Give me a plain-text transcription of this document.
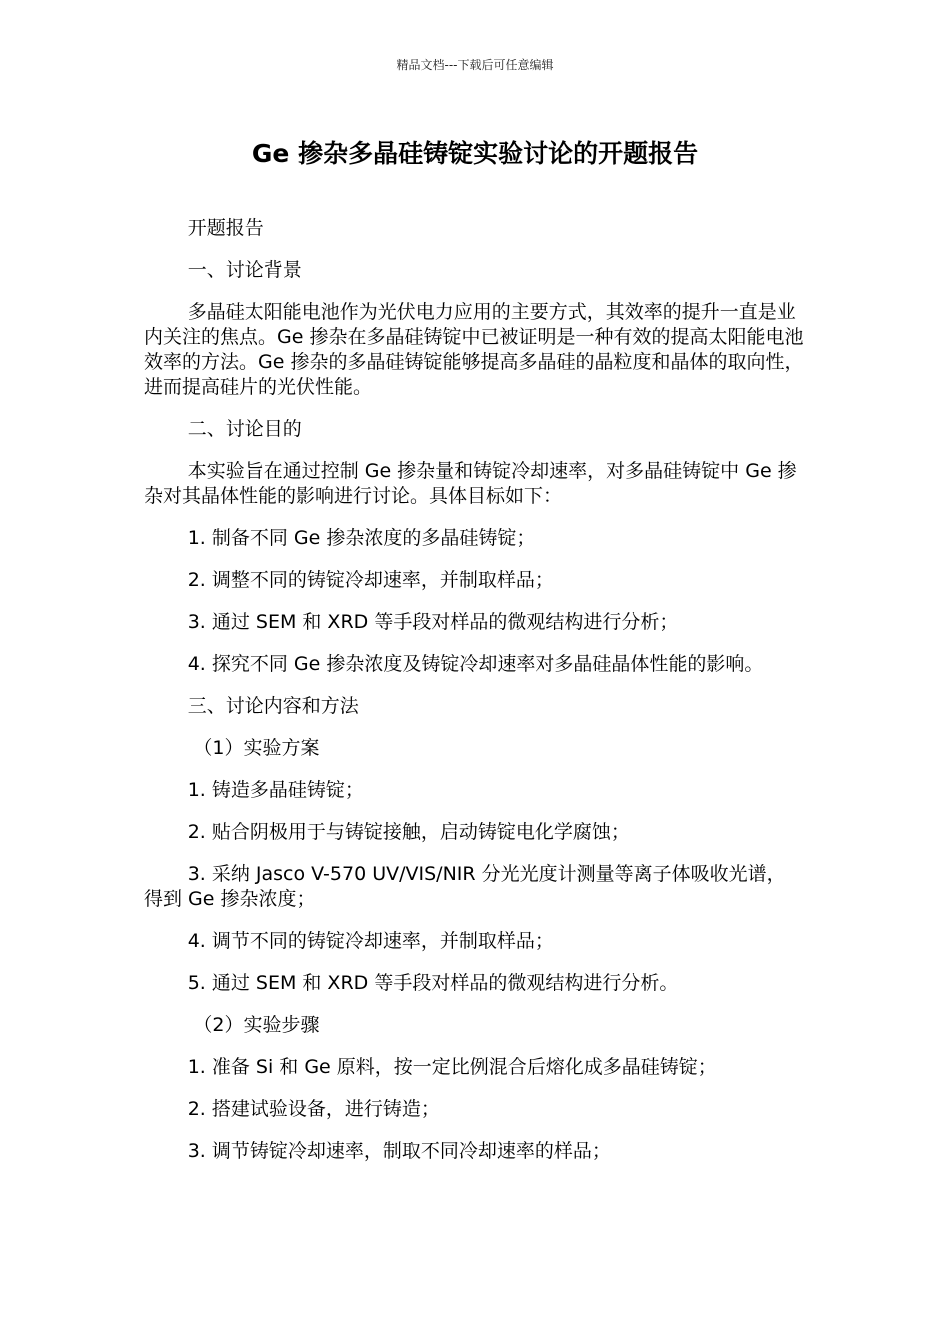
精品文档---下载后可任意编辑
Ge 掺杂多晶硅铸锭实验讨论的开题报告

开题报告

一、讨论背景

多晶硅太阳能电池作为光伏电力应用的主要方式，其效率的提升一直是业内关注的焦点。Ge 掺杂在多晶硅铸锭中已被证明是一种有效的提高太阳能电池效率的方法。Ge 掺杂的多晶硅铸锭能够提高多晶硅的晶粒度和晶体的取向性，进而提高硅片的光伏性能。

二、讨论目的

本实验旨在通过控制 Ge 掺杂量和铸锭冷却速率，对多晶硅铸锭中 Ge 掺杂对其晶体性能的影响进行讨论。具体目标如下：

1. 制备不同 Ge 掺杂浓度的多晶硅铸锭；

2. 调整不同的铸锭冷却速率，并制取样品；

3. 通过 SEM 和 XRD 等手段对样品的微观结构进行分析；

4. 探究不同 Ge 掺杂浓度及铸锭冷却速率对多晶硅晶体性能的影响。

三、讨论内容和方法

（1）实验方案

1. 铸造多晶硅铸锭；

2. 贴合阴极用于与铸锭接触，启动铸锭电化学腐蚀；

3. 采纳 Jasco V-570 UV/VIS/NIR 分光光度计测量等离子体吸收光谱，得到 Ge 掺杂浓度；

4. 调节不同的铸锭冷却速率，并制取样品；

5. 通过 SEM 和 XRD 等手段对样品的微观结构进行分析。

（2）实验步骤

1. 准备 Si 和 Ge 原料，按一定比例混合后熔化成多晶硅铸锭；

2. 搭建试验设备，进行铸造；

3. 调节铸锭冷却速率，制取不同冷却速率的样品；
